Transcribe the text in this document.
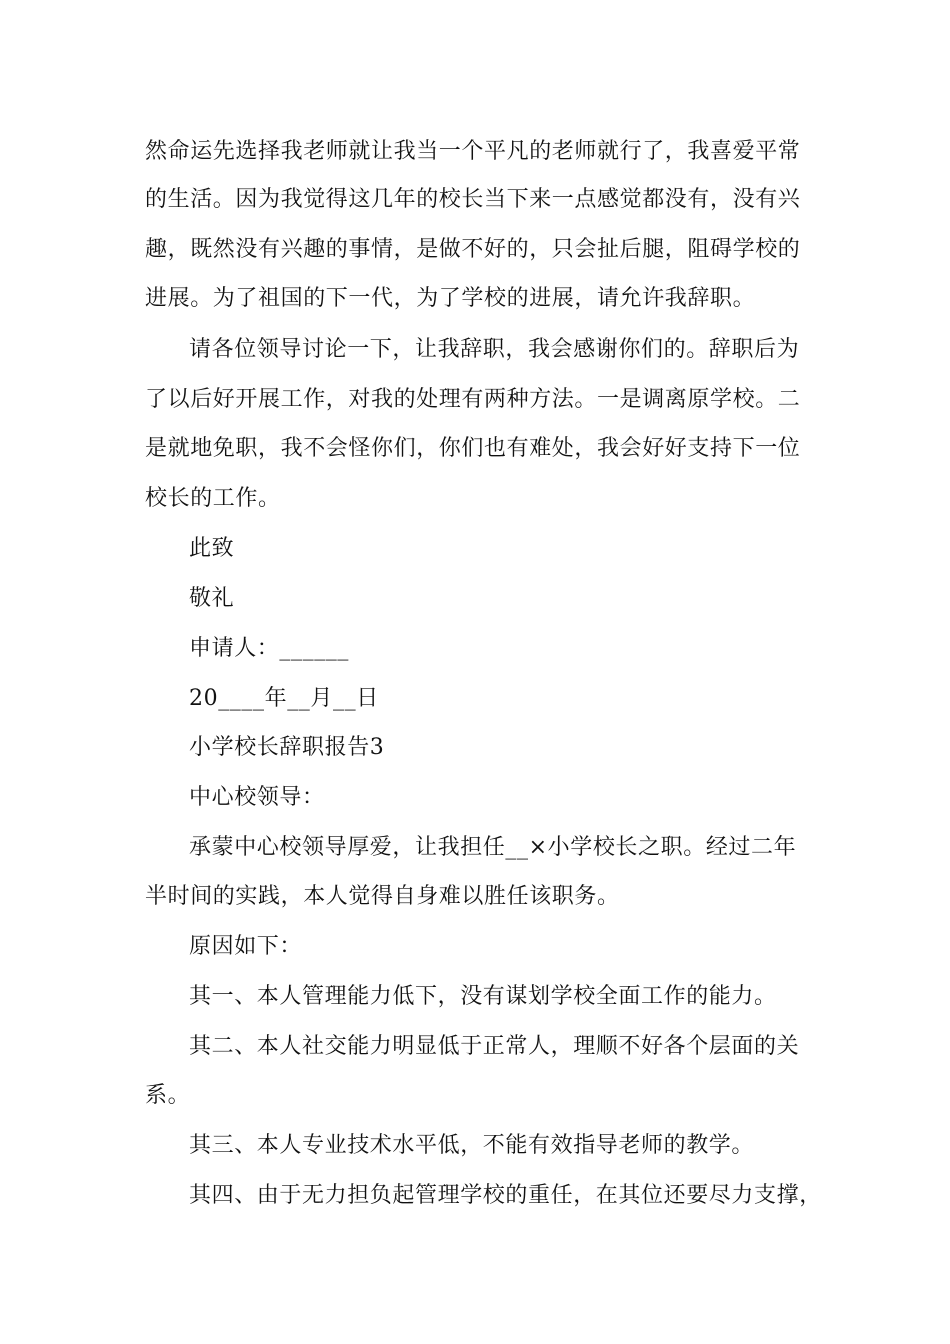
然命运先选择我老师就让我当一个平凡的老师就行了，我喜爱平常
的生活。因为我觉得这几年的校长当下来一点感觉都没有，没有兴
趣，既然没有兴趣的事情，是做不好的，只会扯后腿，阻碍学校的
进展。为了祖国的下一代，为了学校的进展，请允许我辞职。
请各位领导讨论一下，让我辞职，我会感谢你们的。辞职后为
了以后好开展工作，对我的处理有两种方法。一是调离原学校。二
是就地免职，我不会怪你们，你们也有难处，我会好好支持下一位
校长的工作。
此致
敬礼
申请人：______
20____年__月__日
小学校长辞职报告3
中心校领导：
承蒙中心校领导厚爱，让我担任__×小学校长之职。经过二年
半时间的实践，本人觉得自身难以胜任该职务。
原因如下：
其一、本人管理能力低下，没有谋划学校全面工作的能力。
其二、本人社交能力明显低于正常人，理顺不好各个层面的关
系。
其三、本人专业技术水平低，不能有效指导老师的教学。
其四、由于无力担负起管理学校的重任，在其位还要尽力支撑，
